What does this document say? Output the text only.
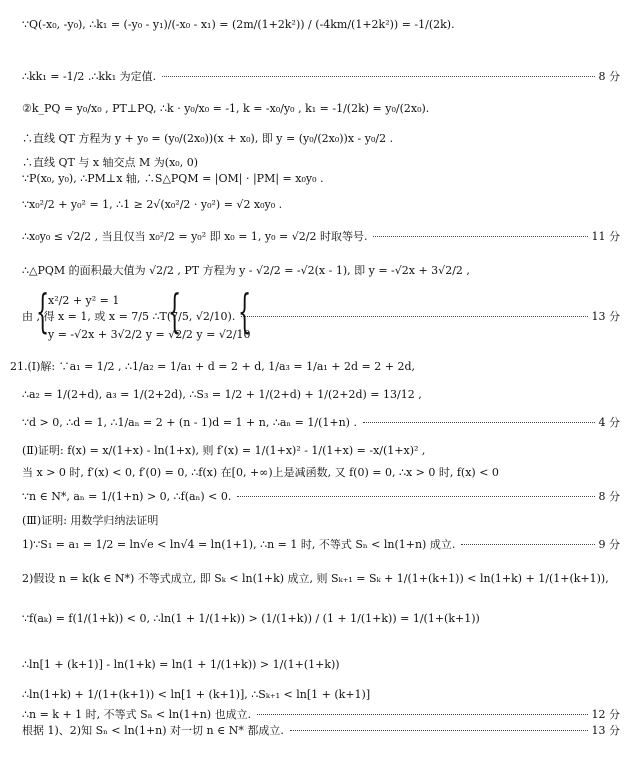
∵Q(-x₀, -y₀), ∴k₁ = (-y₀ - y₁)/(-x₀ - x₁) = (2m/(1+2k²)) / (-4km/(1+2k²)) = -1/(2k).
∴kk₁ = -1/2 .∴kk₁ 为定值.	8 分
②k_PQ = y₀/x₀ , PT⊥PQ, ∴k · y₀/x₀ = -1, k = -x₀/y₀ , k₁ = -1/(2k) = y₀/(2x₀).
∴直线 QT 方程为 y + y₀ = (y₀/(2x₀))(x + x₀), 即 y = (y₀/(2x₀))x - y₀/2 .
∴直线 QT 与 x 轴交点 M 为(x₀, 0)
∵P(x₀, y₀), ∴PM⊥x 轴, ∴S△PQM = |OM| · |PM| = x₀y₀ .
∵x₀²/2 + y₀² = 1, ∴1 ≥ 2√(x₀²/2 · y₀²) = √2 x₀y₀ .
∴x₀y₀ ≤ √2/2 , 当且仅当 x₀²/2 = y₀² 即 x₀ = 1, y₀ = √2/2 时取等号.	11 分
∴△PQM 的面积最大值为 √2/2 , PT 方程为 y - √2/2 = -√2(x - 1), 即 y = -√2x + 3√2/2 ,
{	{ {
x²/2 + y² = 1
由 , 得 x = 1, 或 x = 7/5 ∴T(7/5, √2/10).	13 分
y = -√2x + 3√2/2 y = √2/2 y = √2/10
21.(Ⅰ)解: ∵a₁ = 1/2 , ∴1/a₂ = 1/a₁ + d = 2 + d, 1/a₃ = 1/a₁ + 2d = 2 + 2d,
∴a₂ = 1/(2+d), a₃ = 1/(2+2d), ∴S₃ = 1/2 + 1/(2+d) + 1/(2+2d) = 13/12 ,
∵d > 0, ∴d = 1, ∴1/aₙ = 2 + (n - 1)d = 1 + n, ∴aₙ = 1/(1+n) .	4 分
(Ⅱ)证明: f(x) = x/(1+x) - ln(1+x), 则 f′(x) = 1/(1+x)² - 1/(1+x) = -x/(1+x)² ,
当 x > 0 时, f′(x) < 0, f′(0) = 0, ∴f(x) 在[0, +∞)上是减函数, 又 f(0) = 0, ∴x > 0 时, f(x) < 0
∵n ∈ N*, aₙ = 1/(1+n) > 0, ∴f(aₙ) < 0.	8 分
(Ⅲ)证明: 用数学归纳法证明
1)∵S₁ = a₁ = 1/2 = ln√e < ln√4 = ln(1+1), ∴n = 1 时, 不等式 Sₙ < ln(1+n) 成立.	9 分
2)假设 n = k(k ∈ N*) 不等式成立, 即 Sₖ < ln(1+k) 成立, 则 Sₖ₊₁ = Sₖ + 1/(1+(k+1)) < ln(1+k) + 1/(1+(k+1)),
∵f(aₖ) = f(1/(1+k)) < 0, ∴ln(1 + 1/(1+k)) > (1/(1+k)) / (1 + 1/(1+k)) = 1/(1+(k+1))
∴ln[1 + (k+1)] - ln(1+k) = ln(1 + 1/(1+k)) > 1/(1+(1+k))
∴ln(1+k) + 1/(1+(k+1)) < ln[1 + (k+1)], ∴Sₖ₊₁ < ln[1 + (k+1)]
∴n = k + 1 时, 不等式 Sₙ < ln(1+n) 也成立.	12 分
根据 1)、2)知 Sₙ < ln(1+n) 对一切 n ∈ N* 都成立.	13 分
